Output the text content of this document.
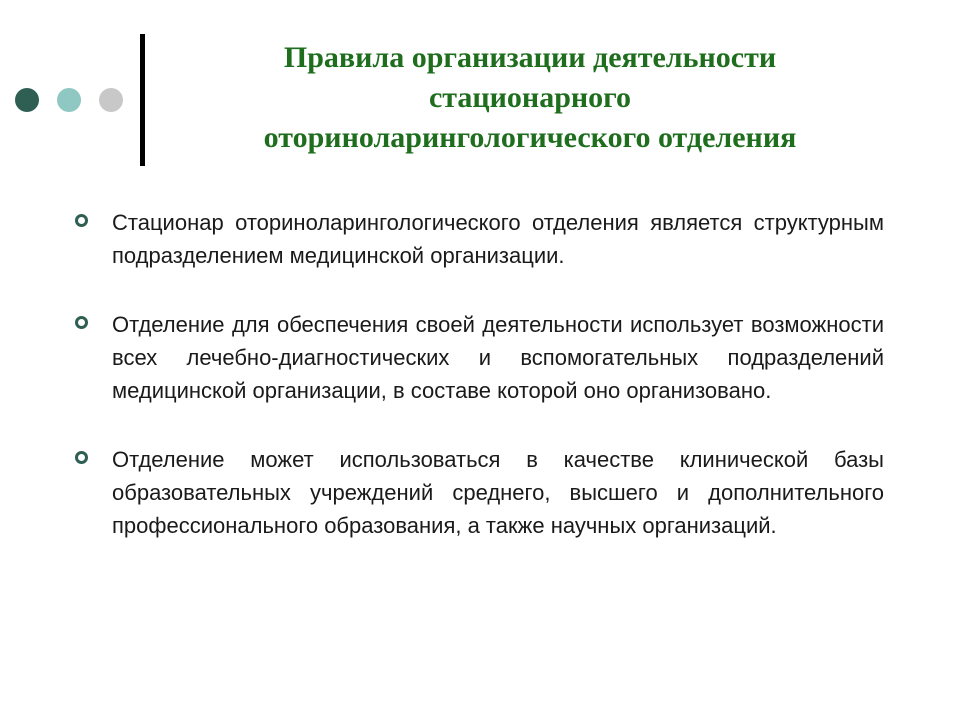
Правила организации деятельности
стационарного
оториноларингологического отделения
Стационар оториноларингологического отделения является структурным подразделением медицинской организации.
Отделение для обеспечения своей деятельности использует возможности всех лечебно-диагностических и вспомогательных подразделений медицинской организации, в составе которой оно организовано.
Отделение может использоваться в качестве клинической базы образовательных учреждений среднего, высшего и дополнительного профессионального образования, а также научных организаций.
